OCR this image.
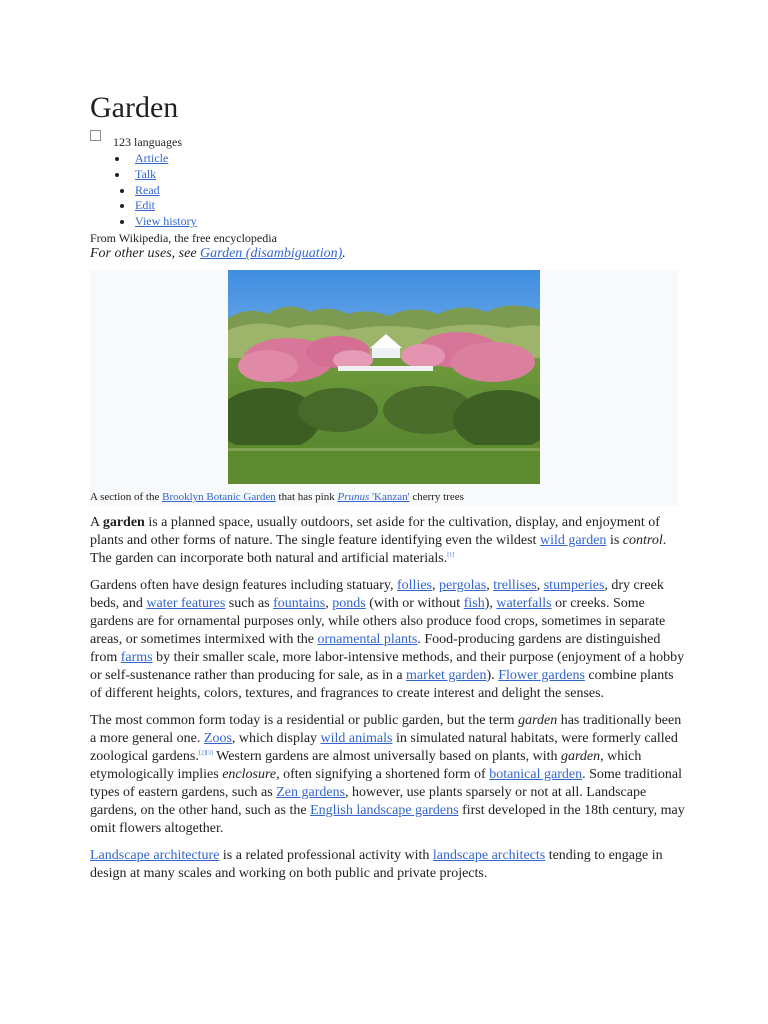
Garden
123 languages
Article
Talk
Read
Edit
View history
From Wikipedia, the free encyclopedia
For other uses, see Garden (disambiguation).
A section of the Brooklyn Botanic Garden that has pink Prunus 'Kanzan' cherry trees

A garden is a planned space, usually outdoors, set aside for the cultivation, display, and enjoyment of plants and other forms of nature. The single feature identifying even the wildest wild garden is control. The garden can incorporate both natural and artificial materials.[1]

Gardens often have design features including statuary, follies, pergolas, trellises, stumperies, dry creek beds, and water features such as fountains, ponds (with or without fish), waterfalls or creeks. Some gardens are for ornamental purposes only, while others also produce food crops, sometimes in separate areas, or sometimes intermixed with the ornamental plants. Food-producing gardens are distinguished from farms by their smaller scale, more labor-intensive methods, and their purpose (enjoyment of a hobby or self-sustenance rather than producing for sale, as in a market garden). Flower gardens combine plants of different heights, colors, textures, and fragrances to create interest and delight the senses.

The most common form today is a residential or public garden, but the term garden has traditionally been a more general one. Zoos, which display wild animals in simulated natural habitats, were formerly called zoological gardens.[2][3] Western gardens are almost universally based on plants, with garden, which etymologically implies enclosure, often signifying a shortened form of botanical garden. Some traditional types of eastern gardens, such as Zen gardens, however, use plants sparsely or not at all. Landscape gardens, on the other hand, such as the English landscape gardens first developed in the 18th century, may omit flowers altogether.

Landscape architecture is a related professional activity with landscape architects tending to engage in design at many scales and working on both public and private projects.
